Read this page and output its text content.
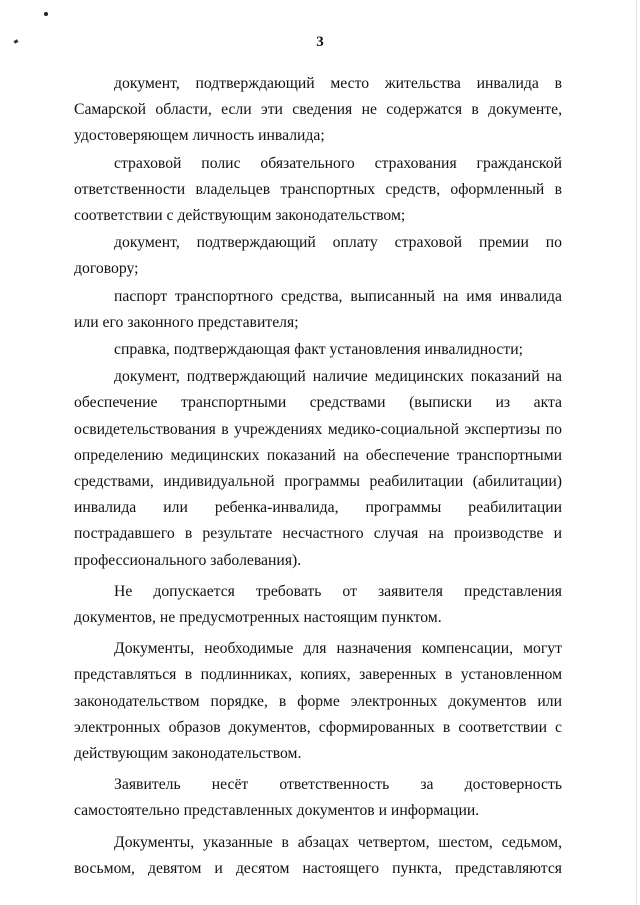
3

документ, подтверждающий место жительства инвалида в Самарской области, если эти сведения не содержатся в документе, удостоверяющем личность инвалида;

страховой полис обязательного страхования гражданской ответственности владельцев транспортных средств, оформленный в соответствии с действующим законодательством;

документ, подтверждающий оплату страховой премии по договору;

паспорт транспортного средства, выписанный на имя инвалида или его законного представителя;

справка, подтверждающая факт установления инвалидности;

документ, подтверждающий наличие медицинских показаний на обеспечение транспортными средствами (выписки из акта освидетельствования в учреждениях медико-социальной экспертизы по определению медицинских показаний на обеспечение транспортными средствами, индивидуальной программы реабилитации (абилитации) инвалида или ребенка-инвалида, программы реабилитации пострадавшего в результате несчастного случая на производстве и профессионального заболевания).

Не допускается требовать от заявителя представления документов, не предусмотренных настоящим пунктом.

Документы, необходимые для назначения компенсации, могут представляться в подлинниках, копиях, заверенных в установленном законодательством порядке, в форме электронных документов или электронных образов документов, сформированных в соответствии с действующим законодательством.

Заявитель несёт ответственность за достоверность самостоятельно представленных документов и информации.

Документы, указанные в абзацах четвертом, шестом, седьмом, восьмом, девятом и десятом настоящего пункта, представляются
